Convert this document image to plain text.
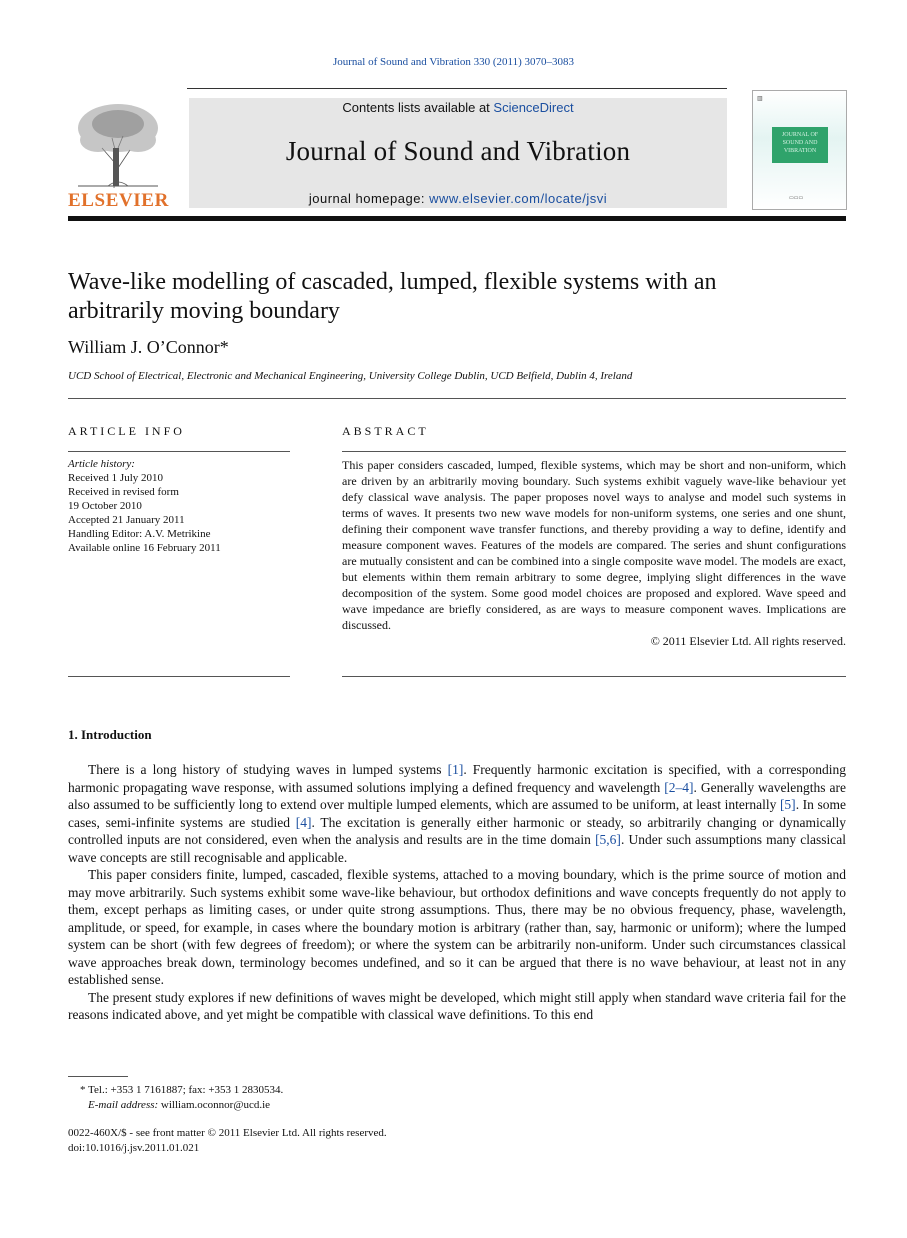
Journal of Sound and Vibration 330 (2011) 3070–3083
ELSEVIER
Contents lists available at ScienceDirect
Journal of Sound and Vibration
journal homepage: www.elsevier.com/locate/jsvi
▥
JOURNAL OF
SOUND AND
VIBRATION
▭▭▭
Wave-like modelling of cascaded, lumped, flexible systems with an arbitrarily moving boundary
William J. O’Connor*
UCD School of Electrical, Electronic and Mechanical Engineering, University College Dublin, UCD Belfield, Dublin 4, Ireland
ARTICLE INFO
Article history:
Received 1 July 2010
Received in revised form
19 October 2010
Accepted 21 January 2011
Handling Editor: A.V. Metrikine
Available online 16 February 2011
ABSTRACT
This paper considers cascaded, lumped, flexible systems, which may be short and non-uniform, which are driven by an arbitrarily moving boundary. Such systems exhibit vaguely wave-like behaviour yet defy classical wave analysis. The paper proposes novel ways to analyse and model such systems in terms of waves. It presents two new wave models for non-uniform systems, one series and one shunt, defining their component wave transfer functions, and thereby providing a way to define, identify and measure component waves. Features of the models are compared. The series and shunt configurations are mutually consistent and can be combined into a single composite wave model. The models are exact, but elements within them remain arbitrary to some degree, implying slight differences in the wave decomposition of the system. Some good model choices are proposed and explored. Wave speed and wave impedance are briefly considered, as are ways to measure component waves. Implications are discussed.
© 2011 Elsevier Ltd. All rights reserved.
1. Introduction

There is a long history of studying waves in lumped systems [1]. Frequently harmonic excitation is specified, with a corresponding harmonic propagating wave response, with assumed solutions implying a defined frequency and wavelength [2–4]. Generally wavelengths are also assumed to be sufficiently long to extend over multiple lumped elements, which are assumed to be uniform, at least internally [5]. In some cases, semi-infinite systems are studied [4]. The excitation is generally either harmonic or steady, so arbitrarily changing or dynamically controlled inputs are not considered, even when the analysis and results are in the time domain [5,6]. Under such assumptions many classical wave concepts are still recognisable and applicable.

This paper considers finite, lumped, cascaded, flexible systems, attached to a moving boundary, which is the prime source of motion and may move arbitrarily. Such systems exhibit some wave-like behaviour, but orthodox definitions and wave concepts frequently do not apply to them, except perhaps as limiting cases, or under quite strong assumptions. Thus, there may be no obvious frequency, phase, wavelength, amplitude, or speed, for example, in cases where the boundary motion is arbitrary (rather than, say, harmonic or uniform); where the lumped system can be short (with few degrees of freedom); or where the system can be arbitrarily non-uniform. Under such circumstances classical wave approaches break down, terminology becomes undefined, and so it can be argued that there is no wave behaviour, at least not in any established sense.

The present study explores if new definitions of waves might be developed, which might still apply when standard wave criteria fail for the reasons indicated above, and yet might be compatible with classical wave definitions. To this end

* Tel.: +353 1 7161887; fax: +353 1 2830534.
E-mail address: william.oconnor@ucd.ie
0022-460X/$ - see front matter © 2011 Elsevier Ltd. All rights reserved.
doi:10.1016/j.jsv.2011.01.021
